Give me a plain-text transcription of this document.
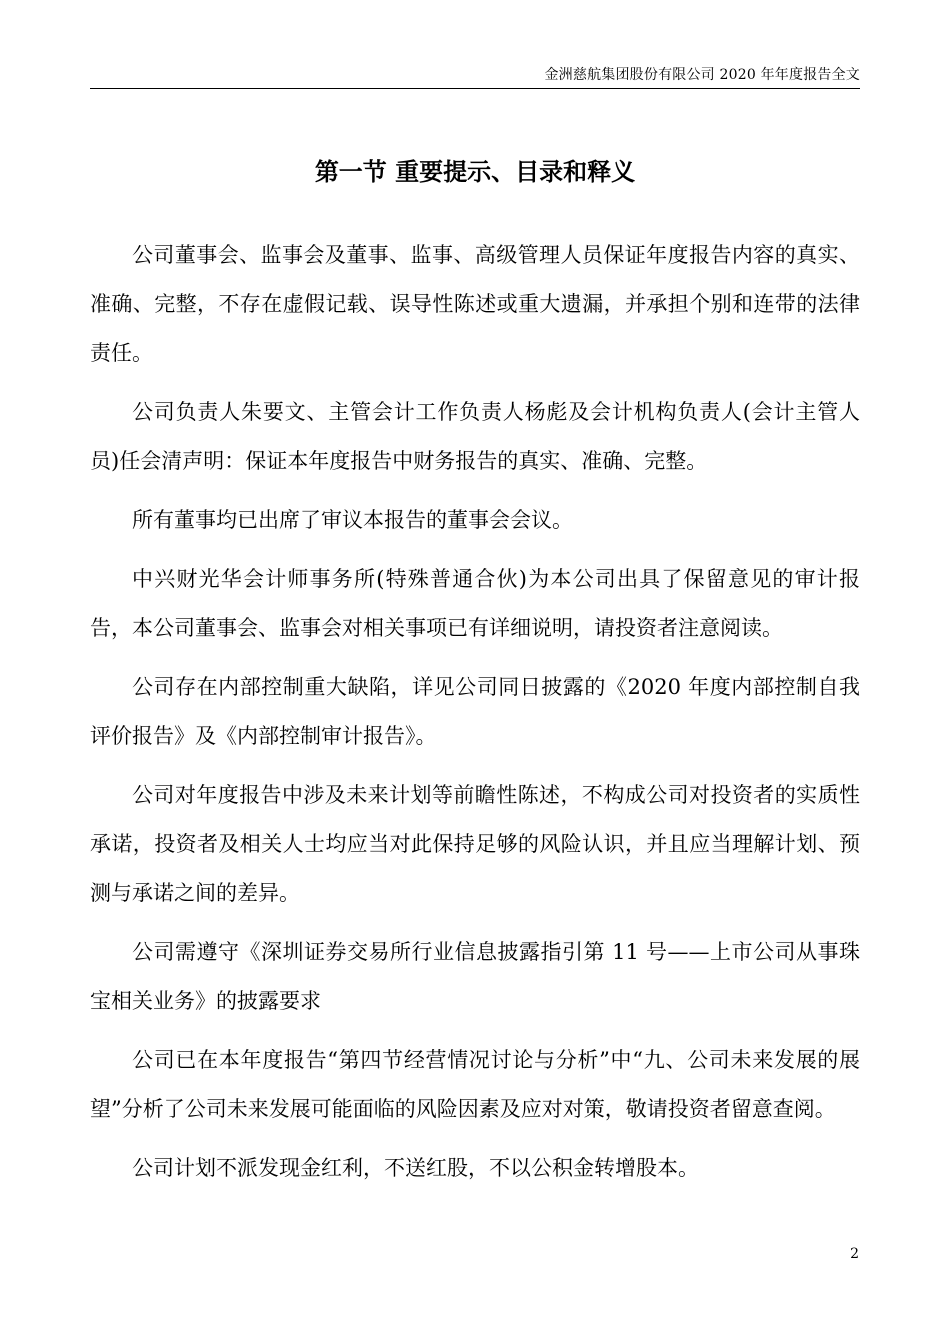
金洲慈航集团股份有限公司 2020 年年度报告全文
第一节 重要提示、目录和释义

公司董事会、监事会及董事、监事、高级管理人员保证年度报告内容的真实、准确、完整，不存在虚假记载、误导性陈述或重大遗漏，并承担个别和连带的法律责任。

公司负责人朱要文、主管会计工作负责人杨彪及会计机构负责人(会计主管人员)任会清声明：保证本年度报告中财务报告的真实、准确、完整。

所有董事均已出席了审议本报告的董事会会议。

中兴财光华会计师事务所(特殊普通合伙)为本公司出具了保留意见的审计报告，本公司董事会、监事会对相关事项已有详细说明，请投资者注意阅读。

公司存在内部控制重大缺陷，详见公司同日披露的《2020 年度内部控制自我评价报告》及《内部控制审计报告》。

公司对年度报告中涉及未来计划等前瞻性陈述，不构成公司对投资者的实质性承诺，投资者及相关人士均应当对此保持足够的风险认识，并且应当理解计划、预测与承诺之间的差异。

公司需遵守《深圳证券交易所行业信息披露指引第 11 号——上市公司从事珠宝相关业务》的披露要求

公司已在本年度报告“第四节经营情况讨论与分析”中“九、公司未来发展的展望”分析了公司未来发展可能面临的风险因素及应对对策，敬请投资者留意查阅。

公司计划不派发现金红利，不送红股，不以公积金转增股本。

2
